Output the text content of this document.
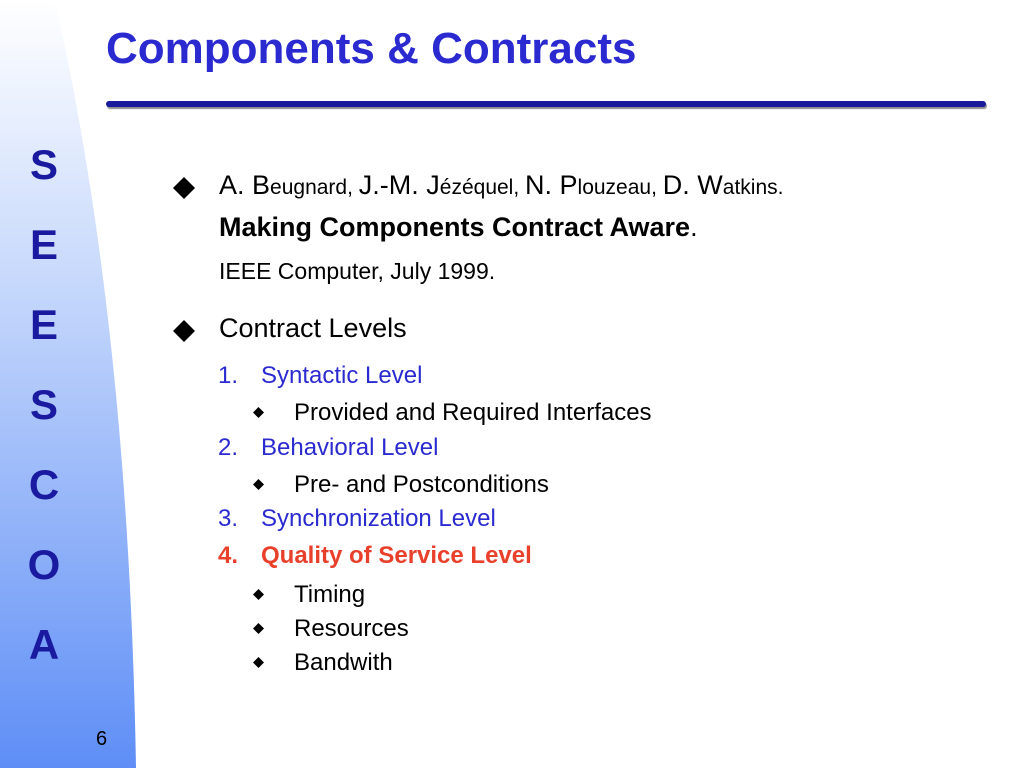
S
E
E
S
C
O
A
6
Components & Contracts
A. Beugnard, J.-M. Jézéquel, N. Plouzeau, D. Watkins.
Making Components Contract Aware.
IEEE Computer, July 1999.
Contract Levels
1. Syntactic Level
Provided and Required Interfaces
2. Behavioral Level
Pre- and Postconditions
3. Synchronization Level
4. Quality of Service Level
Timing
Resources
Bandwith
